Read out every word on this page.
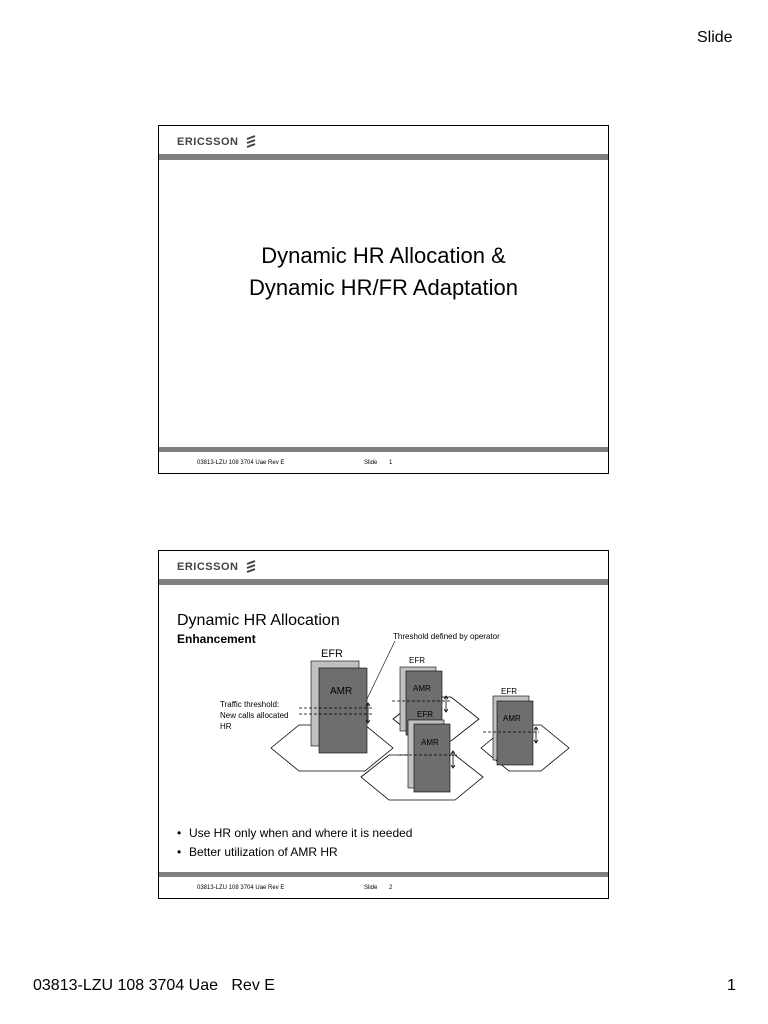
Slide
ERICSSON
Dynamic HR Allocation &
Dynamic HR/FR Adaptation
03813-LZU 108 3704 Uae Rev E	Slide 1
ERICSSON
Dynamic HR Allocation
Enhancement	Threshold defined by operator
EFR
AMR
Traffic threshold:
New calls allocated
HR
EFR
AMR
EFR
AMR
EFR
AMR
• Use HR only when and where it is needed
• Better utilization of AMR HR
03813-LZU 108 3704 Uae Rev E	Slide 2
03813-LZU 108 3704 Uae   Rev E	1
